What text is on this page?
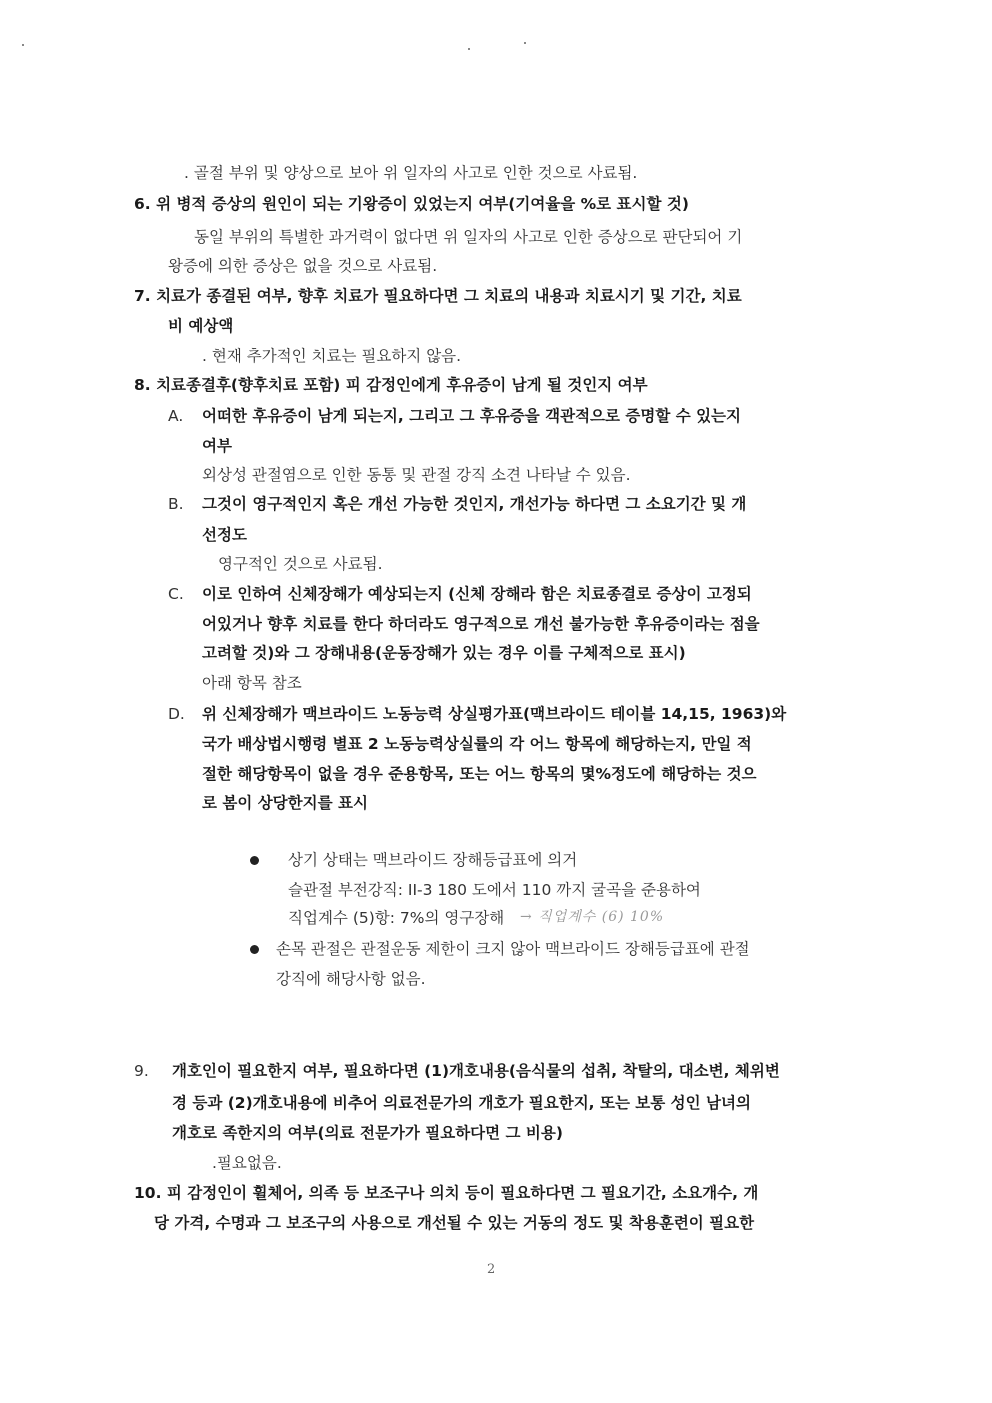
. 골절 부위 및 양상으로 보아 위 일자의 사고로 인한 것으로 사료됨.
6. 위 병적 증상의 원인이 되는 기왕증이 있었는지 여부(기여율을 %로 표시할 것)
동일 부위의 특별한 과거력이 없다면 위 일자의 사고로 인한 증상으로 판단되어 기
왕증에 의한 증상은 없을 것으로 사료됨.
7. 치료가 종결된 여부, 향후 치료가 필요하다면 그 치료의 내용과 치료시기 및 기간, 치료
비 예상액
. 현재 추가적인 치료는 필요하지 않음.
8. 치료종결후(향후치료 포함) 피 감정인에게 후유증이 남게 될 것인지 여부
A. 어떠한 후유증이 남게 되는지, 그리고 그 후유증을 객관적으로 증명할 수 있는지
여부
외상성 관절염으로 인한 동통 및 관절 강직 소견 나타날 수 있음.
B. 그것이 영구적인지 혹은 개선 가능한 것인지, 개선가능 하다면 그 소요기간 및 개
선정도
영구적인 것으로 사료됨.
C. 이로 인하여 신체장해가 예상되는지 (신체 장해라 함은 치료종결로 증상이 고정되
어있거나 향후 치료를 한다 하더라도 영구적으로 개선 불가능한 후유증이라는 점을
고려할 것)와 그 장해내용(운동장해가 있는 경우 이를 구체적으로 표시)
아래 항목 참조
D. 위 신체장해가 맥브라이드 노동능력 상실평가표(맥브라이드 테이블 14,15, 1963)와
국가 배상법시행령 별표 2 노동능력상실률의 각 어느 항목에 해당하는지, 만일 적
절한 해당항목이 없을 경우 준용항목, 또는 어느 항목의 몇%정도에 해당하는 것으
로 봄이 상당한지를 표시
상기 상태는 맥브라이드 장해등급표에 의거
슬관절 부전강직: II-3 180 도에서 110 까지 굴곡을 준용하여
직업계수 (5)항: 7%의 영구장해 → 직업계수 (6) 10%
손목 관절은 관절운동 제한이 크지 않아 맥브라이드 장해등급표에 관절
강직에 해당사항 없음.
9. 개호인이 필요한지 여부, 필요하다면 (1)개호내용(음식물의 섭취, 착탈의, 대소변, 체위변
경 등과 (2)개호내용에 비추어 의료전문가의 개호가 필요한지, 또는 보통 성인 남녀의
개호로 족한지의 여부(의료 전문가가 필요하다면 그 비용)
.필요없음.
10. 피 감정인이 휠체어, 의족 등 보조구나 의치 등이 필요하다면 그 필요기간, 소요개수, 개
당 가격, 수명과 그 보조구의 사용으로 개선될 수 있는 거동의 정도 및 착용훈련이 필요한
2
